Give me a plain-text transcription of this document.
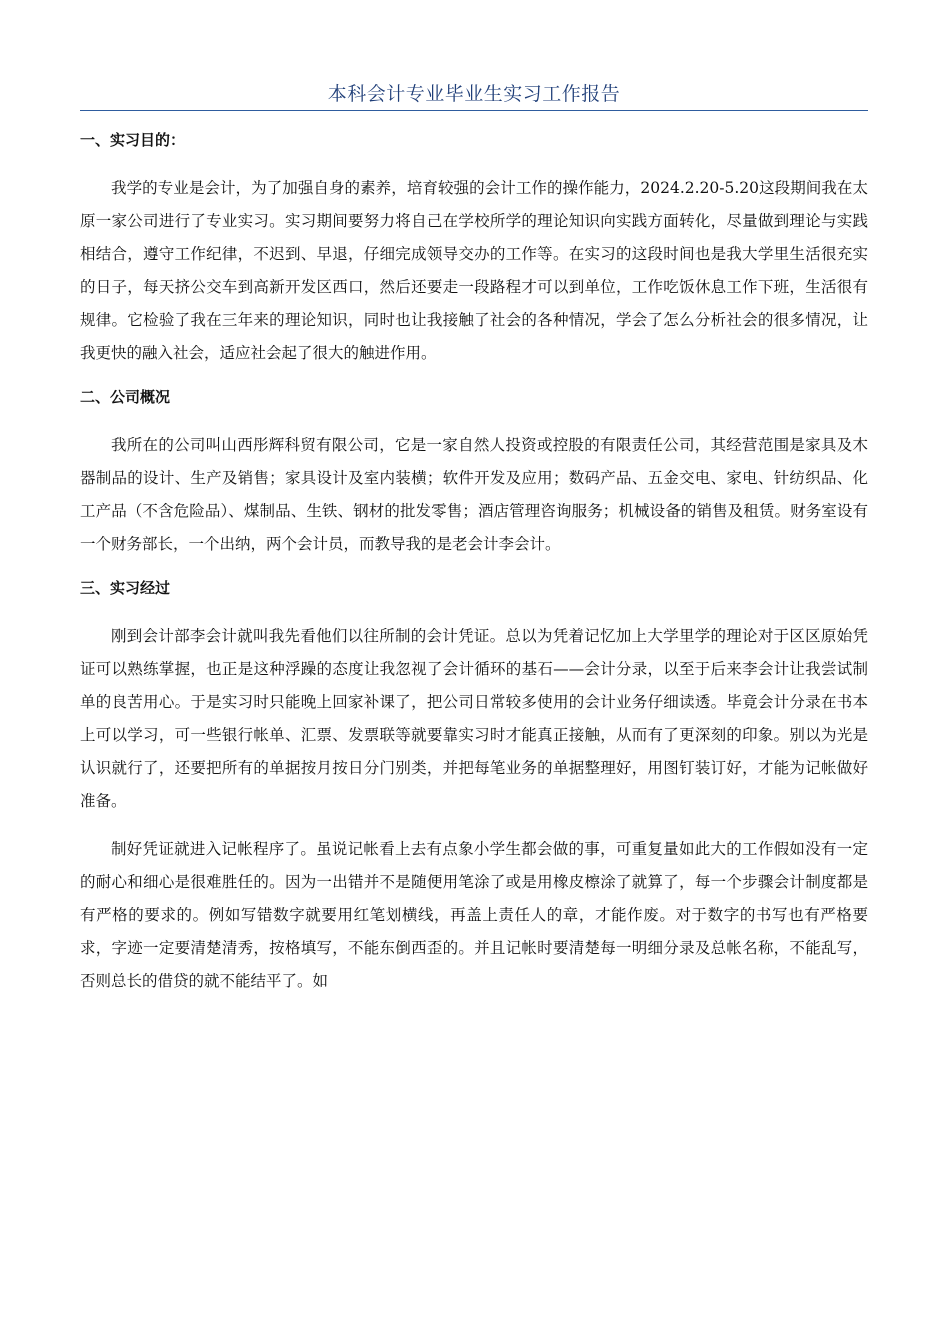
本科会计专业毕业生实习工作报告
一、实习目的：

我学的专业是会计，为了加强自身的素养，培育较强的会计工作的操作能力，2024.2.20-5.20这段期间我在太原一家公司进行了专业实习。实习期间要努力将自己在学校所学的理论知识向实践方面转化，尽量做到理论与实践相结合，遵守工作纪律，不迟到、早退，仔细完成领导交办的工作等。在实习的这段时间也是我大学里生活很充实的日子，每天挤公交车到高新开发区西口，然后还要走一段路程才可以到单位，工作吃饭休息工作下班，生活很有规律。它检验了我在三年来的理论知识，同时也让我接触了社会的各种情况，学会了怎么分析社会的很多情况，让我更快的融入社会，适应社会起了很大的触进作用。

二、公司概况

我所在的公司叫山西彤辉科贸有限公司，它是一家自然人投资或控股的有限责任公司，其经营范围是家具及木器制品的设计、生产及销售；家具设计及室内装横；软件开发及应用；数码产品、五金交电、家电、针纺织品、化工产品（不含危险品）、煤制品、生铁、钢材的批发零售；酒店管理咨询服务；机械设备的销售及租赁。财务室设有一个财务部长，一个出纳，两个会计员，而教导我的是老会计李会计。

三、实习经过

刚到会计部李会计就叫我先看他们以往所制的会计凭证。总以为凭着记忆加上大学里学的理论对于区区原始凭证可以熟练掌握，也正是这种浮躁的态度让我忽视了会计循环的基石——会计分录，以至于后来李会计让我尝试制单的良苦用心。于是实习时只能晚上回家补课了，把公司日常较多使用的会计业务仔细读透。毕竟会计分录在书本上可以学习，可一些银行帐单、汇票、发票联等就要靠实习时才能真正接触，从而有了更深刻的印象。别以为光是认识就行了，还要把所有的单据按月按日分门别类，并把每笔业务的单据整理好，用图钉装订好，才能为记帐做好准备。

制好凭证就进入记帐程序了。虽说记帐看上去有点象小学生都会做的事，可重复量如此大的工作假如没有一定的耐心和细心是很难胜任的。因为一出错并不是随便用笔涂了或是用橡皮檫涂了就算了，每一个步骤会计制度都是有严格的要求的。例如写错数字就要用红笔划横线，再盖上责任人的章，才能作废。对于数字的书写也有严格要求，字迹一定要清楚清秀，按格填写，不能东倒西歪的。并且记帐时要清楚每一明细分录及总帐名称，不能乱写，否则总长的借贷的就不能结平了。如
